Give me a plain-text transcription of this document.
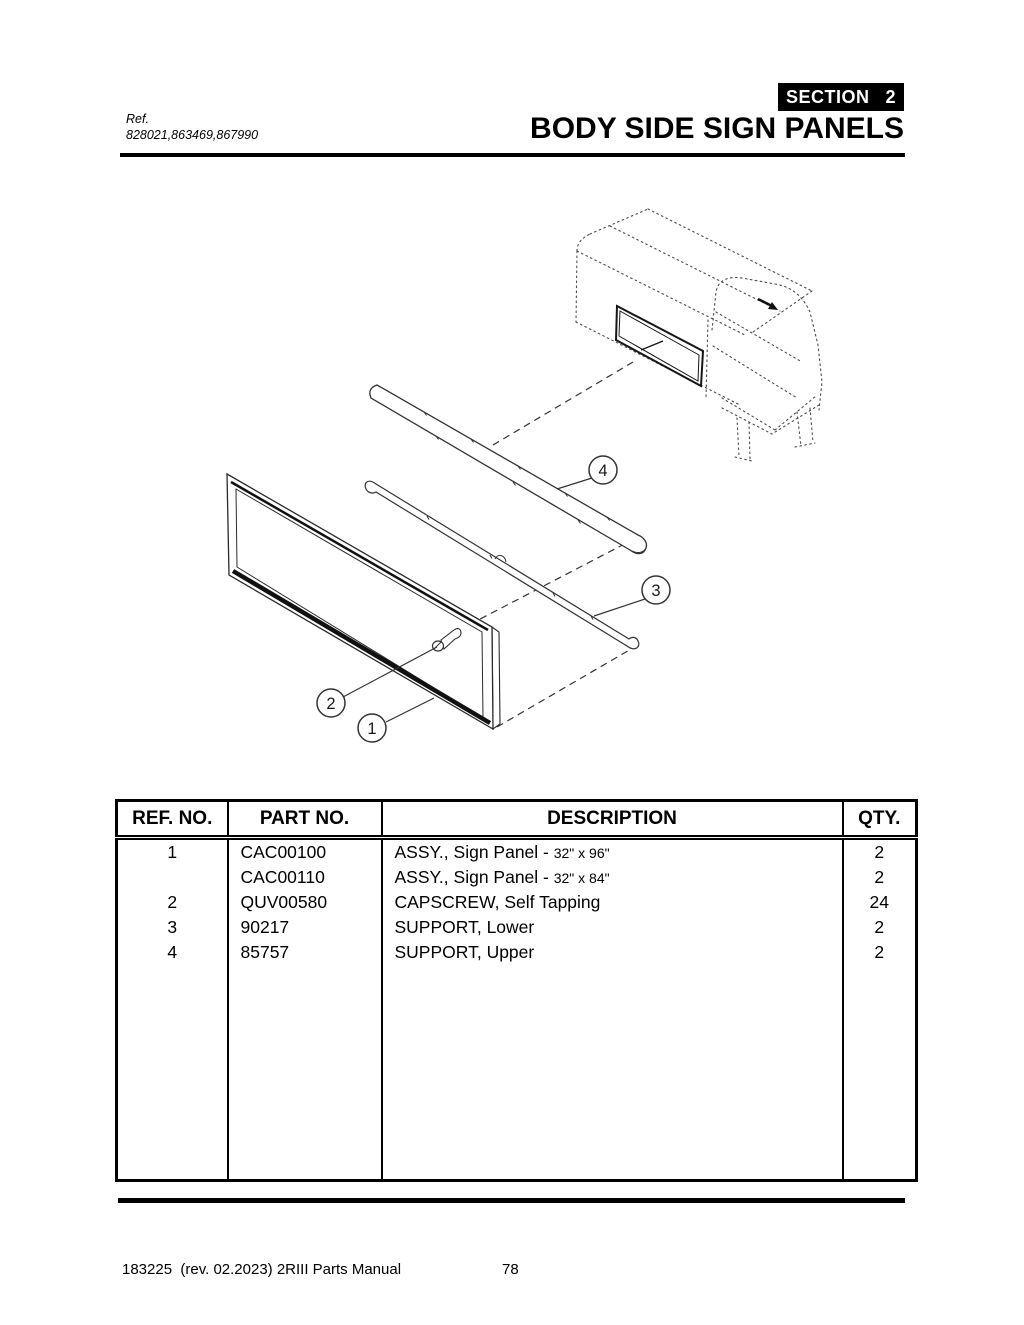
Ref.
828021,863469,867990
SECTION 2
BODY SIDE SIGN PANELS
1
2
3
4
REF. NO.	PART NO.	DESCRIPTION	QTY.
1	CAC00100	ASSY., Sign Panel - 32" x 96"	2
	CAC00110	ASSY., Sign Panel - 32" x 84"	2
2	QUV00580	CAPSCREW, Self Tapping	24
3	90217	SUPPORT, Lower	2
4	85757	SUPPORT, Upper	2

183225  (rev. 02.2023) 2RIII Parts Manual	78
